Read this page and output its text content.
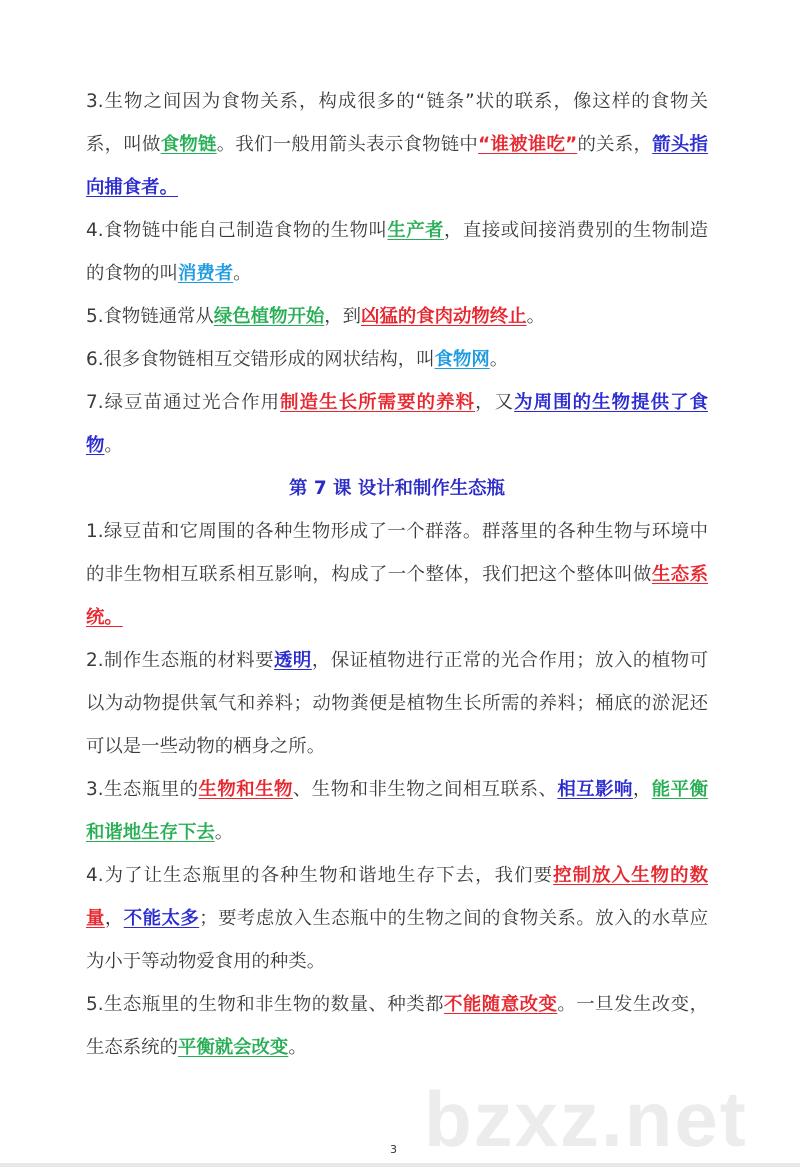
3.生物之间因为食物关系，构成很多的“链条”状的联系，像这样的食物关系，叫做食物链。我们一般用箭头表示食物链中“谁被谁吃”的关系，箭头指向捕食者。

4.食物链中能自己制造食物的生物叫生产者，直接或间接消费别的生物制造的食物的叫消费者。

5.食物链通常从绿色植物开始，到凶猛的食肉动物终止。

6.很多食物链相互交错形成的网状结构，叫食物网。

7.绿豆苗通过光合作用制造生长所需要的养料，又为周围的生物提供了食物。

第 7 课 设计和制作生态瓶

1.绿豆苗和它周围的各种生物形成了一个群落。群落里的各种生物与环境中的非生物相互联系相互影响，构成了一个整体，我们把这个整体叫做生态系统。

2.制作生态瓶的材料要透明，保证植物进行正常的光合作用；放入的植物可以为动物提供氧气和养料；动物粪便是植物生长所需的养料；桶底的淤泥还可以是一些动物的栖身之所。

3.生态瓶里的生物和生物、生物和非生物之间相互联系、相互影响，能平衡和谐地生存下去。

4.为了让生态瓶里的各种生物和谐地生存下去，我们要控制放入生物的数量，不能太多；要考虑放入生态瓶中的生物之间的食物关系。放入的水草应为小于等动物爱食用的种类。

5.生态瓶里的生物和非生物的数量、种类都不能随意改变。一旦发生改变，生态系统的平衡就会改变。

3 bzxz.net
